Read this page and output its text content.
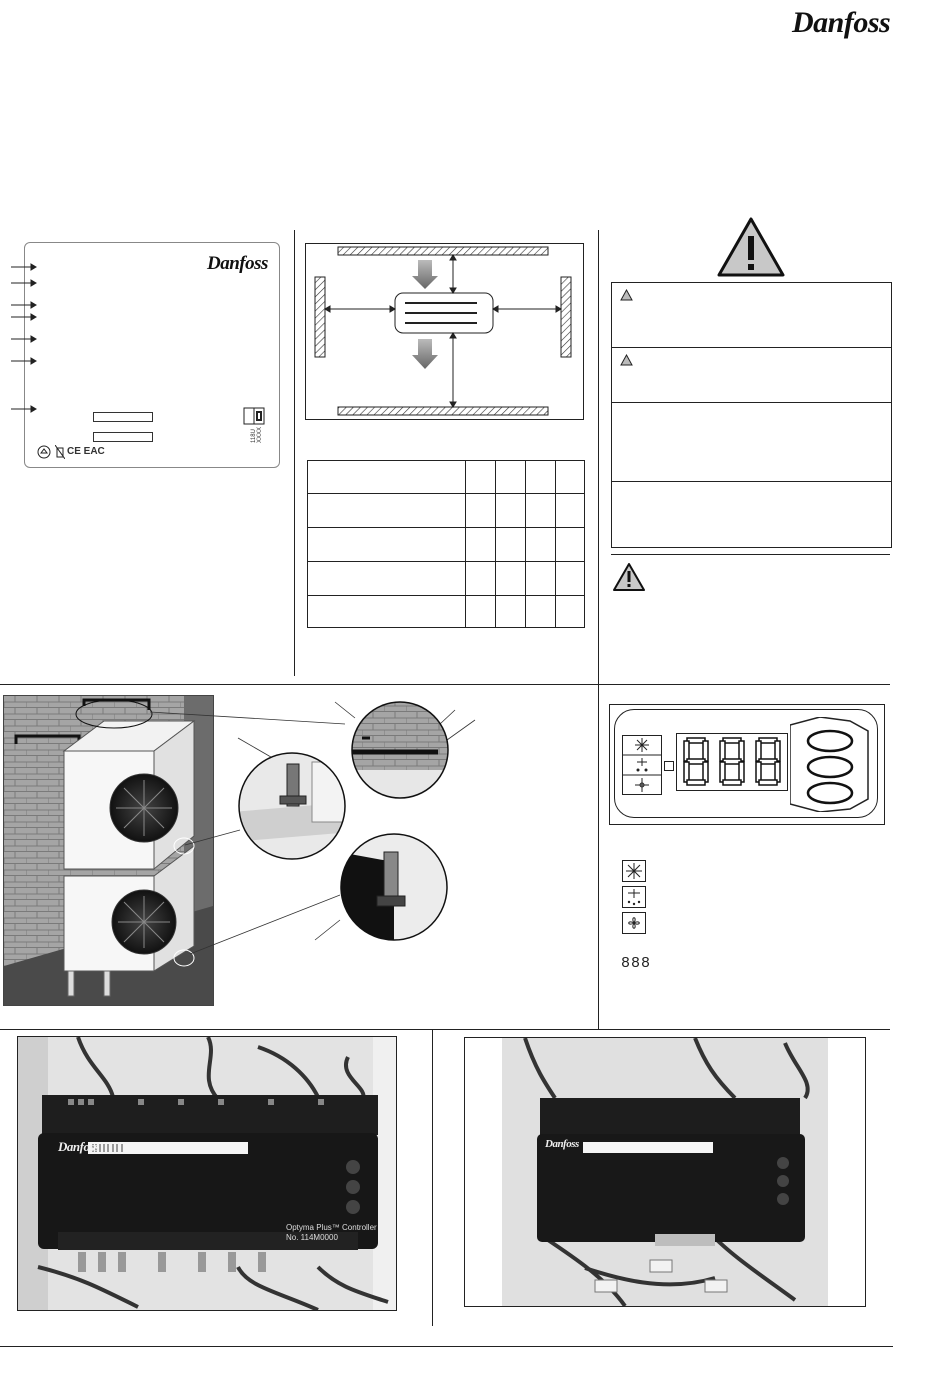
Danfoss
Danfoss
118U XXXX
CE EAC

888
Danfoss
Optyma Plus™ Controller
No. 114M0000
Danfoss
